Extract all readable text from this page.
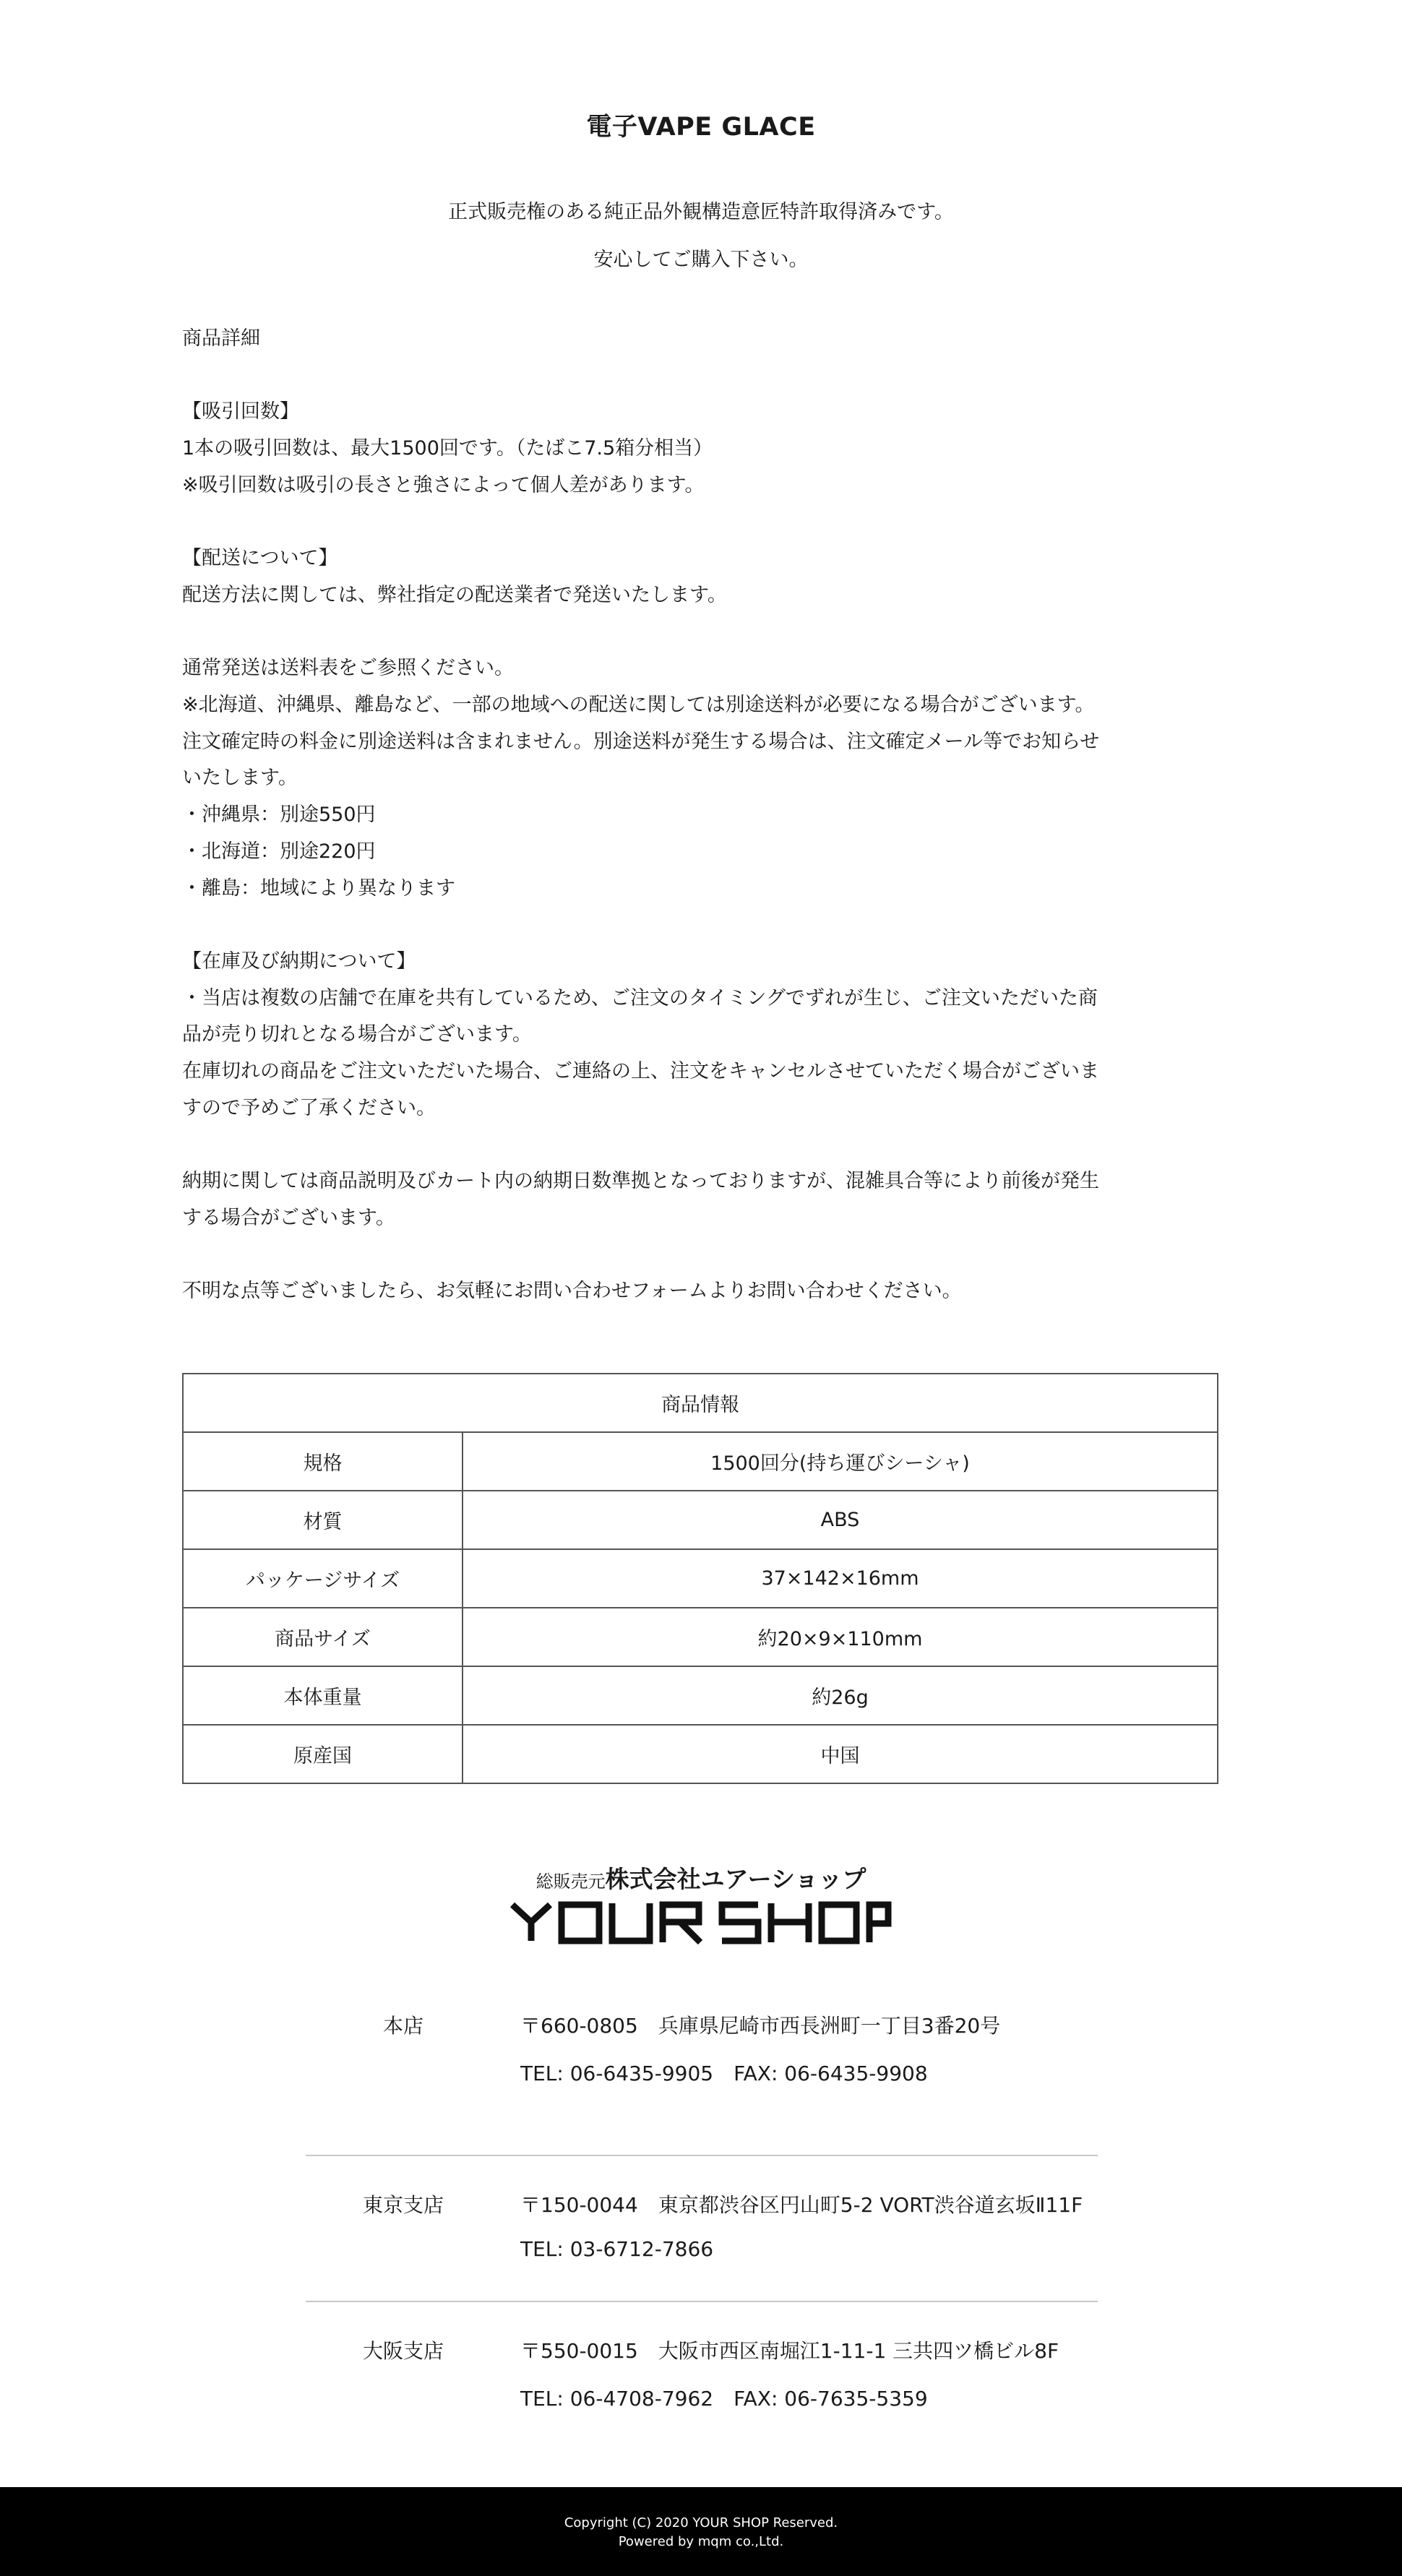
電子VAPE GLACE
正式販売権のある純正品外観構造意匠特許取得済みです。
安心してご購入下さい。
商品詳細

【吸引回数】
1本の吸引回数は、最大1500回です。（たばこ7.5箱分相当）
※吸引回数は吸引の長さと強さによって個人差があります。

【配送について】
配送方法に関しては、弊社指定の配送業者で発送いたします。

通常発送は送料表をご参照ください。
※北海道、沖縄県、離島など、一部の地域への配送に関しては別途送料が必要になる場合がございます。
注文確定時の料金に別途送料は含まれません。別途送料が発生する場合は、注文確定メール等でお知らせ
いたします。
・沖縄県：別途550円
・北海道：別途220円
・離島：地域により異なります

【在庫及び納期について】
・当店は複数の店舗で在庫を共有しているため、ご注文のタイミングでずれが生じ、ご注文いただいた商
品が売り切れとなる場合がございます。
在庫切れの商品をご注文いただいた場合、ご連絡の上、注文をキャンセルさせていただく場合がございま
すので予めご了承ください。

納期に関しては商品説明及びカート内の納期日数準拠となっておりますが、混雑具合等により前後が発生
する場合がございます。

不明な点等ございましたら、お気軽にお問い合わせフォームよりお問い合わせください。
商品情報	
規格	1500回分(持ち運びシーシャ)
材質	ABS
パッケージサイズ	37×142×16mm
商品サイズ	約20×9×110mm
本体重量	約26g
原産国	中国
総販売元株式会社ユアーショップ
本店	〒660-0805　兵庫県尼崎市西長洲町一丁目3番20号
TEL: 06-6435-9905　FAX: 06-6435-9908
東京支店	〒150-0044　東京都渋谷区円山町5-2 VORT渋谷道玄坂Ⅱ11F
TEL: 03-6712-7866
大阪支店	〒550-0015　大阪市西区南堀江1-11-1 三共四ツ橋ビル8F
TEL: 06-4708-7962　FAX: 06-7635-5359
Copyright (C) 2020 YOUR SHOP Reserved.
Powered by mqm co.,Ltd.
